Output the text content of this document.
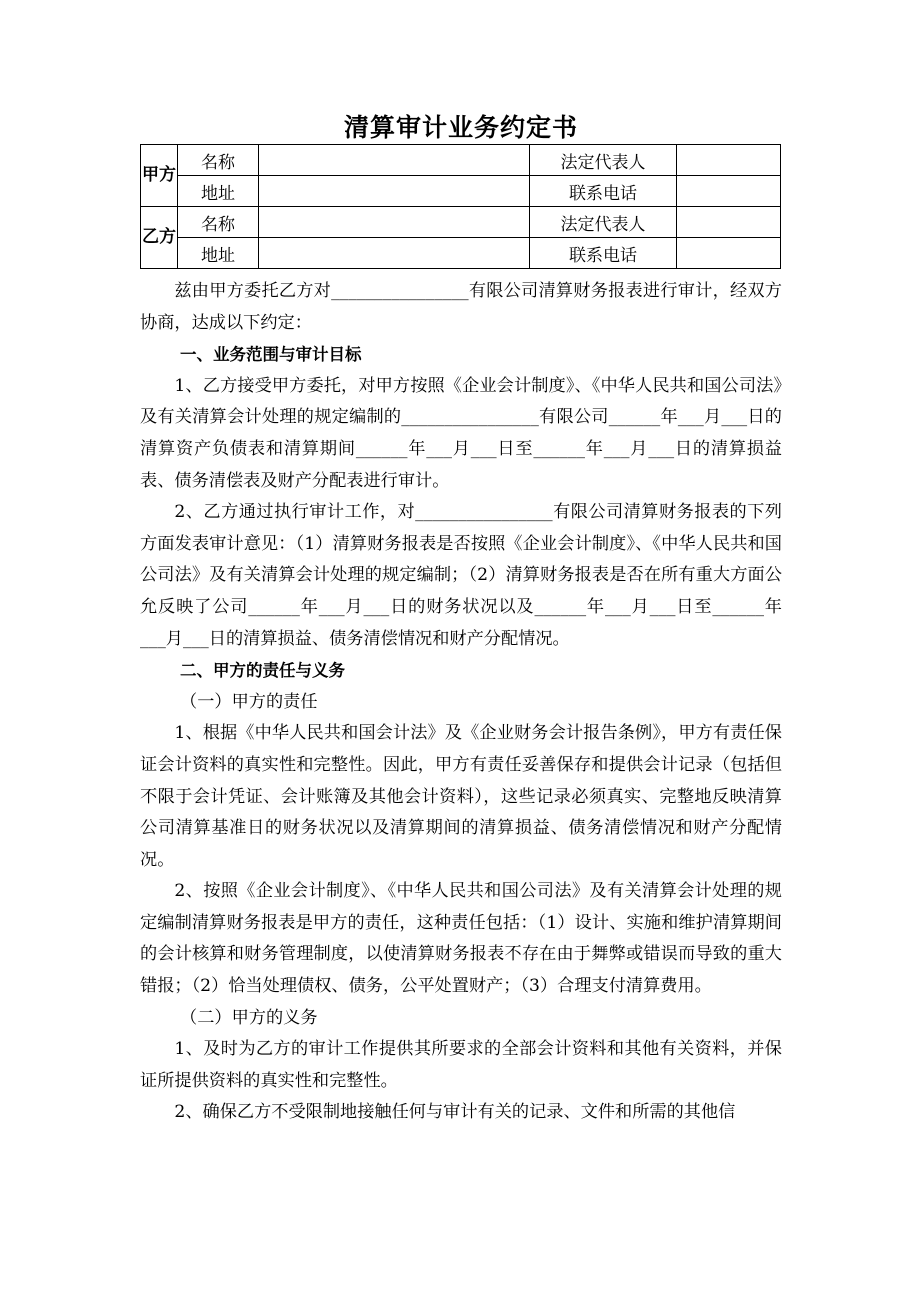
清算审计业务约定书
甲方	名称		法定代表人	
	地址		联系电话	
乙方	名称		法定代表人	
	地址		联系电话	

兹由甲方委托乙方对________________有限公司清算财务报表进行审计，经双方协商，达成以下约定：

一、业务范围与审计目标

1、乙方接受甲方委托，对甲方按照《企业会计制度》、《中华人民共和国公司法》及有关清算会计处理的规定编制的________________有限公司______年___月___日的清算资产负债表和清算期间______年___月___日至______年___月___日的清算损益表、债务清偿表及财产分配表进行审计。

2、乙方通过执行审计工作，对________________有限公司清算财务报表的下列方面发表审计意见：（1）清算财务报表是否按照《企业会计制度》、《中华人民共和国公司法》及有关清算会计处理的规定编制；（2）清算财务报表是否在所有重大方面公允反映了公司______年___月___日的财务状况以及______年___月___日至______年___月___日的清算损益、债务清偿情况和财产分配情况。

二、甲方的责任与义务

（一）甲方的责任

1、根据《中华人民共和国会计法》及《企业财务会计报告条例》，甲方有责任保证会计资料的真实性和完整性。因此，甲方有责任妥善保存和提供会计记录（包括但不限于会计凭证、会计账簿及其他会计资料），这些记录必须真实、完整地反映清算公司清算基准日的财务状况以及清算期间的清算损益、债务清偿情况和财产分配情况。

2、按照《企业会计制度》、《中华人民共和国公司法》及有关清算会计处理的规定编制清算财务报表是甲方的责任，这种责任包括：（1）设计、实施和维护清算期间的会计核算和财务管理制度，以使清算财务报表不存在由于舞弊或错误而导致的重大错报；（2）恰当处理债权、债务，公平处置财产；（3）合理支付清算费用。

（二）甲方的义务

1、及时为乙方的审计工作提供其所要求的全部会计资料和其他有关资料，并保证所提供资料的真实性和完整性。

2、确保乙方不受限制地接触任何与审计有关的记录、文件和所需的其他信
